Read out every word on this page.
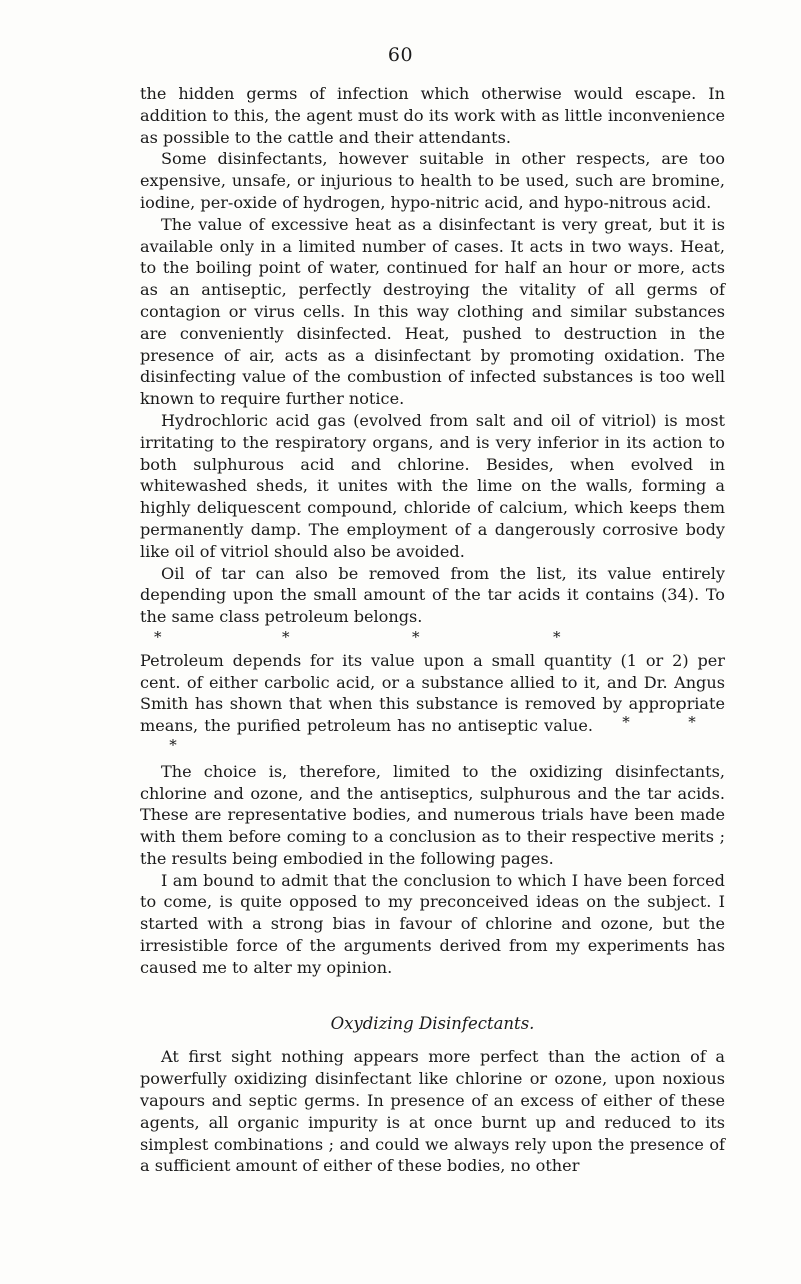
60

the hidden germs of infection which otherwise would escape. In addition to this, the agent must do its work with as little inconvenience as possible to the cattle and their attendants.

Some disinfectants, however suitable in other respects, are too expensive, unsafe, or injurious to health to be used, such are bromine, iodine, per-oxide of hydrogen, hypo-nitric acid, and hypo-nitrous acid.

The value of excessive heat as a disinfectant is very great, but it is available only in a limited number of cases. It acts in two ways. Heat, to the boiling point of water, continued for half an hour or more, acts as an antiseptic, perfectly destroying the vitality of all germs of contagion or virus cells. In this way clothing and similar substances are conveniently disinfected. Heat, pushed to destruction in the presence of air, acts as a disinfectant by promoting oxidation. The disinfecting value of the combustion of infected substances is too well known to require further notice.

Hydrochloric acid gas (evolved from salt and oil of vitriol) is most irritating to the respiratory organs, and is very inferior in its action to both sulphurous acid and chlorine. Besides, when evolved in whitewashed sheds, it unites with the lime on the walls, forming a highly deliquescent compound, chloride of calcium, which keeps them permanently damp. The employment of a dangerously corrosive body like oil of vitriol should also be avoided.

Oil of tar can also be removed from the list, its value entirely depending upon the small amount of the tar acids it contains (34). To the same class petroleum belongs.

*	*	*	*

Petroleum depends for its value upon a small quantity (1 or 2) per cent. of either carbolic acid, or a substance allied to it, and Dr. Angus Smith has shown that when this substance is removed by appropriate means, the purified petroleum has no antiseptic value. *	**

The choice is, therefore, limited to the oxidizing disinfectants, chlorine and ozone, and the antiseptics, sulphurous and the tar acids. These are representative bodies, and numerous trials have been made with them before coming to a conclusion as to their respective merits ; the results being embodied in the following pages.

I am bound to admit that the conclusion to which I have been forced to come, is quite opposed to my preconceived ideas on the subject. I started with a strong bias in favour of chlorine and ozone, but the irresistible force of the arguments derived from my experiments has caused me to alter my opinion.

Oxydizing Disinfectants.

At first sight nothing appears more perfect than the action of a powerfully oxidizing disinfectant like chlorine or ozone, upon noxious vapours and septic germs. In presence of an excess of either of these agents, all organic impurity is at once burnt up and reduced to its simplest combinations ; and could we always rely upon the presence of a sufficient amount of either of these bodies, no other
